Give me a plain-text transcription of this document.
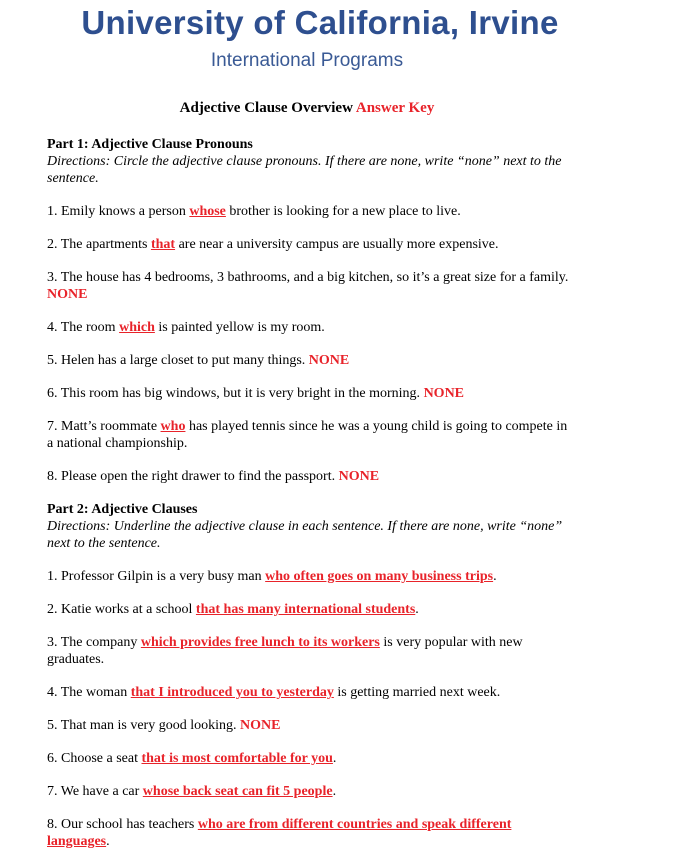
University of California, Irvine
International Programs
Adjective Clause Overview Answer Key
Part 1: Adjective Clause Pronouns
Directions: Circle the adjective clause pronouns. If there are none, write “none” next to the sentence.
1. Emily knows a person whose brother is looking for a new place to live.
2. The apartments that are near a university campus are usually more expensive.
3. The house has 4 bedrooms, 3 bathrooms, and a big kitchen, so it’s a great size for a family. NONE
4. The room which is painted yellow is my room.
5. Helen has a large closet to put many things. NONE
6. This room has big windows, but it is very bright in the morning. NONE
7. Matt’s roommate who has played tennis since he was a young child is going to compete in a national championship.
8. Please open the right drawer to find the passport. NONE
Part 2: Adjective Clauses
Directions: Underline the adjective clause in each sentence. If there are none, write “none” next to the sentence.
1. Professor Gilpin is a very busy man who often goes on many business trips.
2. Katie works at a school that has many international students.
3. The company which provides free lunch to its workers is very popular with new graduates.
4. The woman that I introduced you to yesterday is getting married next week.
5. That man is very good looking. NONE
6. Choose a seat that is most comfortable for you.
7. We have a car whose back seat can fit 5 people.
8. Our school has teachers who are from different countries and speak different languages.
